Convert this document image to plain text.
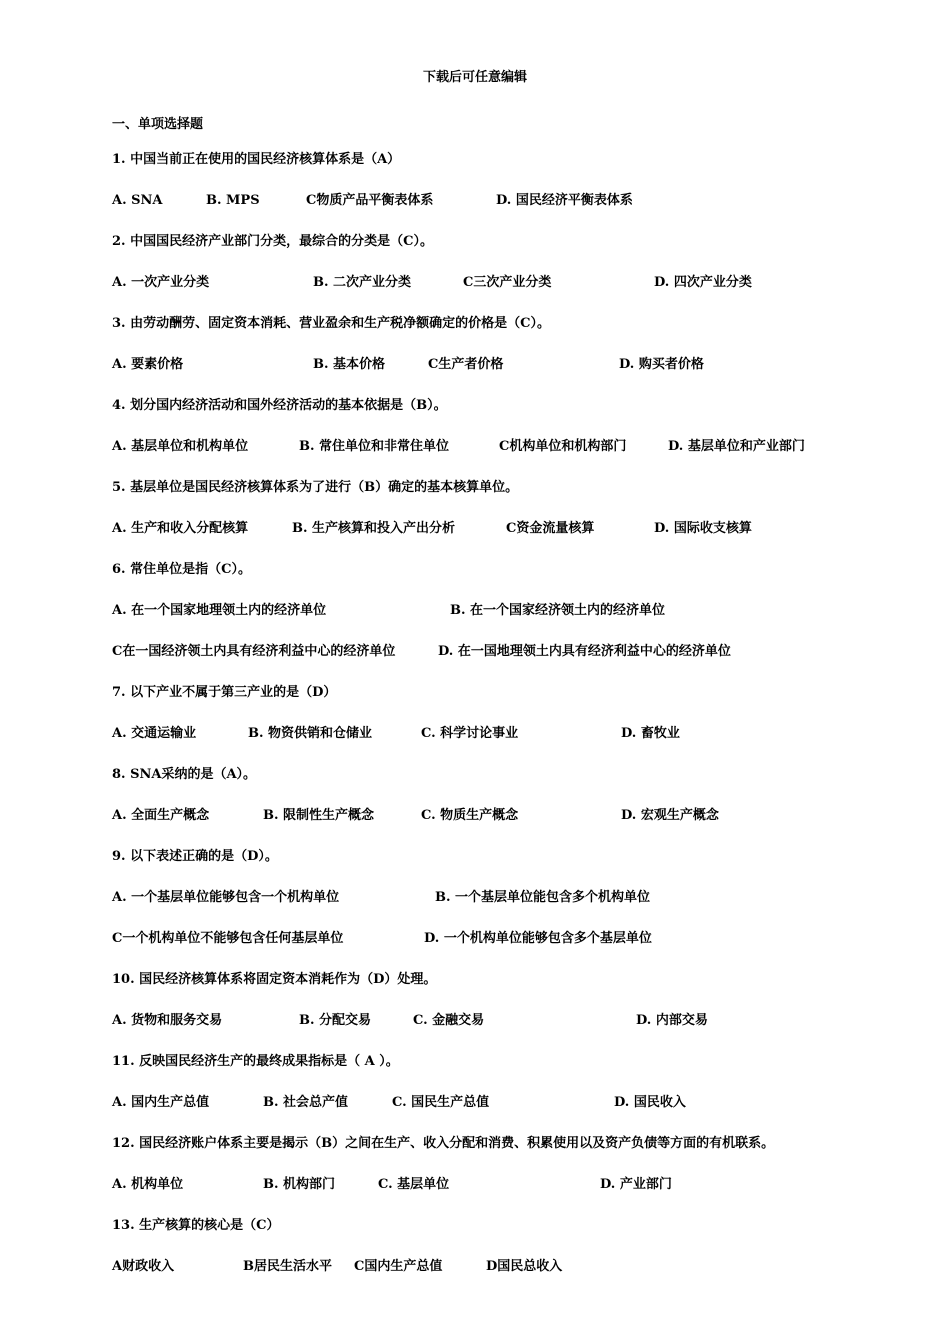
下载后可任意编辑
一、单项选择题
1. 中国当前正在使用的国民经济核算体系是（A）
A. SNA	B. MPS	C物质产品平衡表体系	D. 国民经济平衡表体系
2. 中国国民经济产业部门分类，最综合的分类是（C）。
A. 一次产业分类	B. 二次产业分类	C三次产业分类	D. 四次产业分类
3. 由劳动酬劳、固定资本消耗、营业盈余和生产税净额确定的价格是（C）。
A. 要素价格	B. 基本价格	C生产者价格	D. 购买者价格
4. 划分国内经济活动和国外经济活动的基本依据是（B）。
A. 基层单位和机构单位	B. 常住单位和非常住单位	C机构单位和机构部门	D. 基层单位和产业部门
5. 基层单位是国民经济核算体系为了进行（B）确定的基本核算单位。
A. 生产和收入分配核算	B. 生产核算和投入产出分析	C资金流量核算	D. 国际收支核算
6. 常住单位是指（C）。
A. 在一个国家地理领土内的经济单位	B. 在一个国家经济领土内的经济单位
C在一国经济领土内具有经济利益中心的经济单位	D. 在一国地理领土内具有经济利益中心的经济单位
7. 以下产业不属于第三产业的是（D）
A. 交通运输业	B. 物资供销和仓储业	C. 科学讨论事业	D. 畜牧业
8. SNA采纳的是（A）。
A. 全面生产概念	B. 限制性生产概念	C. 物质生产概念	D. 宏观生产概念
9. 以下表述正确的是（D）。
A. 一个基层单位能够包含一个机构单位	B. 一个基层单位能包含多个机构单位
C一个机构单位不能够包含任何基层单位	D. 一个机构单位能够包含多个基层单位
10. 国民经济核算体系将固定资本消耗作为（D）处理。
A. 货物和服务交易	B. 分配交易	C. 金融交易	D. 内部交易
11. 反映国民经济生产的最终成果指标是（ A ）。
A. 国内生产总值	B. 社会总产值	C. 国民生产总值	D. 国民收入
12. 国民经济账户体系主要是揭示（B）之间在生产、收入分配和消费、积累使用以及资产负债等方面的有机联系。
A. 机构单位	B. 机构部门	C. 基层单位	D. 产业部门
13. 生产核算的核心是（C）
A财政收入	B居民生活水平 C国内生产总值	D国民总收入
